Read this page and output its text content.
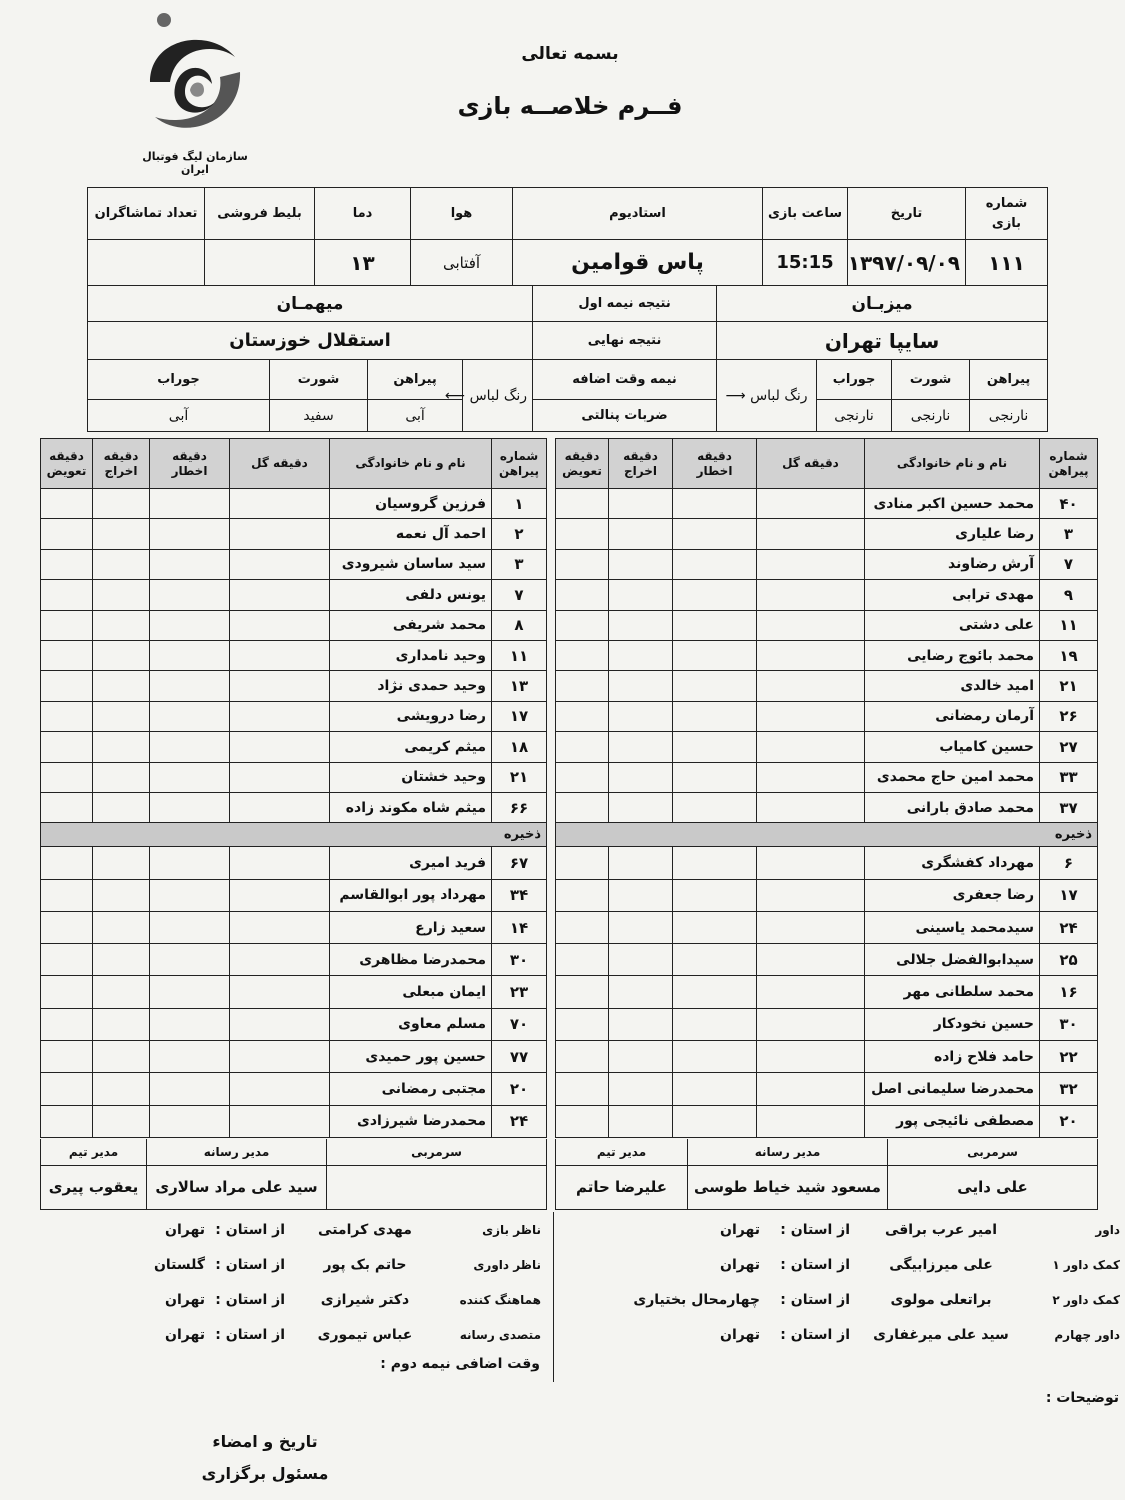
سازمان لیگ فوتبال ایران
بسمه تعالی
فــرم خلاصــه بازی
شماره بازی	تاریخ	ساعت بازی	استادیوم	هوا	دما	بلیط فروشی	تعداد تماشاگران
۱۱۱	۱۳۹۷/۰۹/۰۹	15:15	پاس قوامین	آفتابی	۱۳		
میزبـان				نتیجه نیمه اول	میهمـان			
سایپا تهران				نتیجه نهایی	استقلال خوزستان			
پیراهن	شورت	جوراب	رنگ لباس ⟶	نیمه وقت اضافه	رنگ لباس ⟵	پیراهن	شورت	جوراب
نارنجی	نارنجی	نارنجی		ضربات پنالتی		آبی	سفید	آبی
شماره پیراهن	نام و نام خانوادگی	دقیقه گل	دقیقه اخطار	دقیقه اخراج	دقیقه تعویض
۴۰	محمد حسین اکبر منادی				
۳	رضا علیاری				
۷	آرش رضاوند				
۹	مهدی ترابی				
۱۱	علی دشتی				
۱۹	محمد بائوج رضایی				
۲۱	امید خالدی				
۲۶	آرمان رمضانی				
۲۷	حسین کامیاب				
۳۳	محمد امین حاج محمدی				
۳۷	محمد صادق بارانی				
ذخیره					
۶	مهرداد کفشگری				
۱۷	رضا جعفری				
۲۴	سیدمحمد یاسینی				
۲۵	سیدابوالفضل جلالی				
۱۶	محمد سلطانی مهر				
۳۰	حسین نخودکار				
۲۲	حامد فلاح زاده				
۳۲	محمدرضا سلیمانی اصل				
۲۰	مصطفی نائیجی پور				
شماره پیراهن	نام و نام خانوادگی	دقیقه گل	دقیقه اخطار	دقیقه اخراج	دقیقه تعویض
۱	فرزین گروسیان				
۲	احمد آل نعمه				
۳	سید ساسان شیرودی				
۷	یونس دلفی				
۸	محمد شریفی				
۱۱	وحید نامداری				
۱۳	وحید حمدی نژاد				
۱۷	رضا درویشی				
۱۸	میثم کریمی				
۲۱	وحید خشتان				
۶۶	میثم شاه مکوند زاده				
ذخیره					
۶۷	فرید امیری				
۳۴	مهرداد پور ابوالقاسم				
۱۴	سعید زارع				
۳۰	محمدرضا مظاهری				
۲۳	ایمان مبعلی				
۷۰	مسلم معاوی				
۷۷	حسین پور حمیدی				
۲۰	مجتبی رمضانی				
۲۴	محمدرضا شیرزادی				
سرمربی	مدیر رسانه	مدیر تیم
علی دایی	مسعود شید خیاط طوسی	علیرضا حاتم
سرمربی	مدیر رسانه	مدیر تیم
	سید علی مراد سالاری	یعقوب پیری
داور	امیر عرب براقی	از استان :	تهران
کمک داور ۱	علی میرزابیگی	از استان :	تهران
کمک داور ۲	براتعلی مولوی	از استان :	چهارمحال بختیاری
داور چهارم	سید علی میرغفاری	از استان :	تهران
وقت اضافی نیمه دوم :
توضیحات :
تاریخ و امضاء
مسئول برگزاری
ناظر بازی	مهدی کرامتی	از استان :	تهران
ناظر داوری	حاتم بک پور	از استان :	گلستان
هماهنگ کننده	دکتر شیرازی	از استان :	تهران
متصدی رسانه	عباس تیموری	از استان :	تهران
